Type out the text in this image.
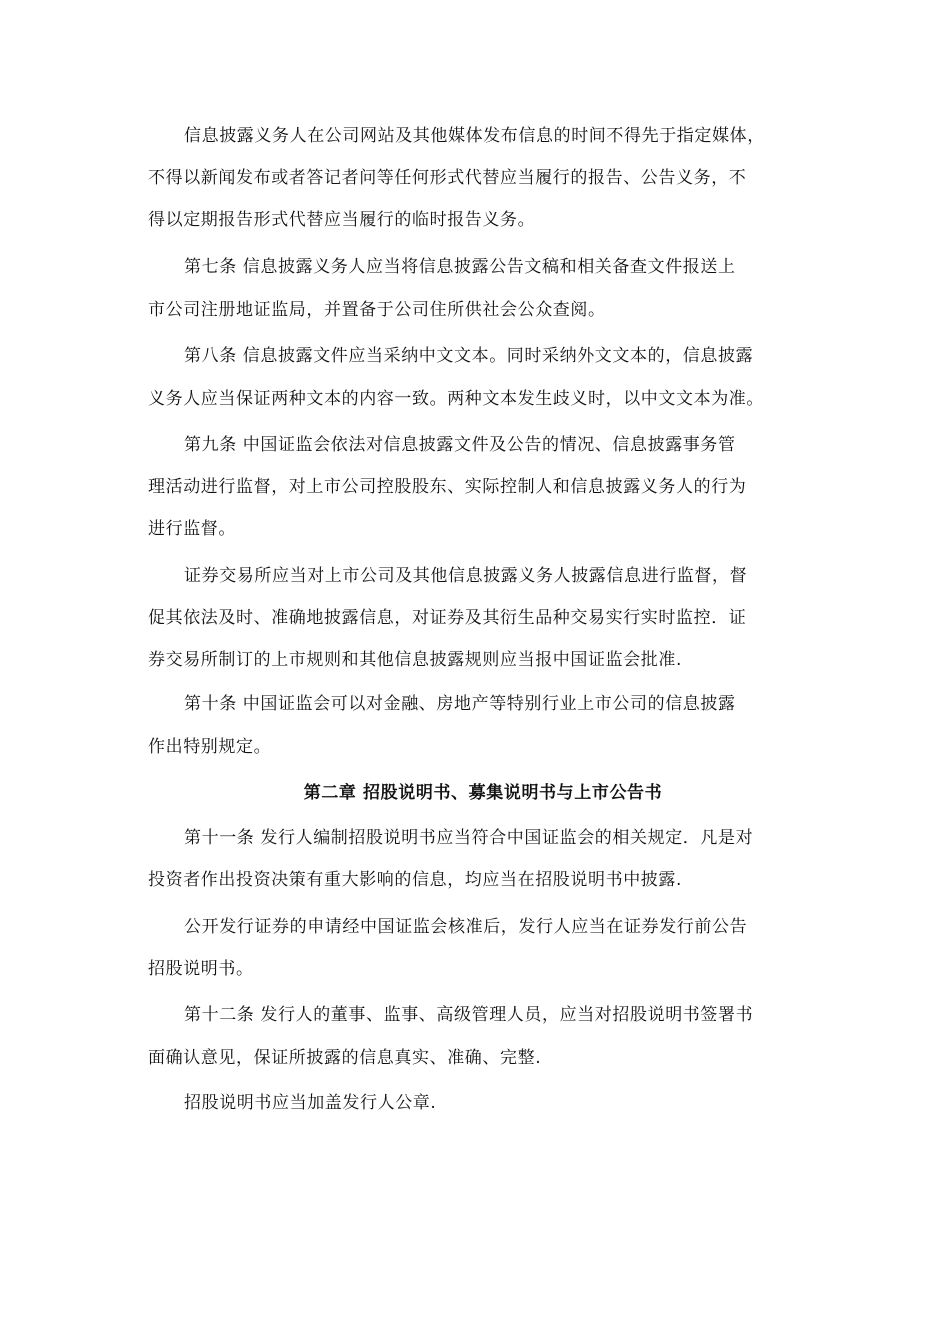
信息披露义务人在公司网站及其他媒体发布信息的时间不得先于指定媒体，
不得以新闻发布或者答记者问等任何形式代替应当履行的报告、公告义务，不
得以定期报告形式代替应当履行的临时报告义务。
第七条 信息披露义务人应当将信息披露公告文稿和相关备查文件报送上
市公司注册地证监局，并置备于公司住所供社会公众查阅。
第八条 信息披露文件应当采纳中文文本。同时采纳外文文本的，信息披露
义务人应当保证两种文本的内容一致。两种文本发生歧义时，以中文文本为准。
第九条 中国证监会依法对信息披露文件及公告的情况、信息披露事务管
理活动进行监督，对上市公司控股股东、实际控制人和信息披露义务人的行为
进行监督。
证券交易所应当对上市公司及其他信息披露义务人披露信息进行监督，督
促其依法及时、准确地披露信息，对证券及其衍生品种交易实行实时监控．证
券交易所制订的上市规则和其他信息披露规则应当报中国证监会批准.
第十条 中国证监会可以对金融、房地产等特别行业上市公司的信息披露
作出特别规定。
第二章 招股说明书、募集说明书与上市公告书
第十一条 发行人编制招股说明书应当符合中国证监会的相关规定．凡是对
投资者作出投资决策有重大影响的信息，均应当在招股说明书中披露.
公开发行证券的申请经中国证监会核准后，发行人应当在证券发行前公告
招股说明书。
第十二条 发行人的董事、监事、高级管理人员，应当对招股说明书签署书
面确认意见，保证所披露的信息真实、准确、完整.
招股说明书应当加盖发行人公章.
